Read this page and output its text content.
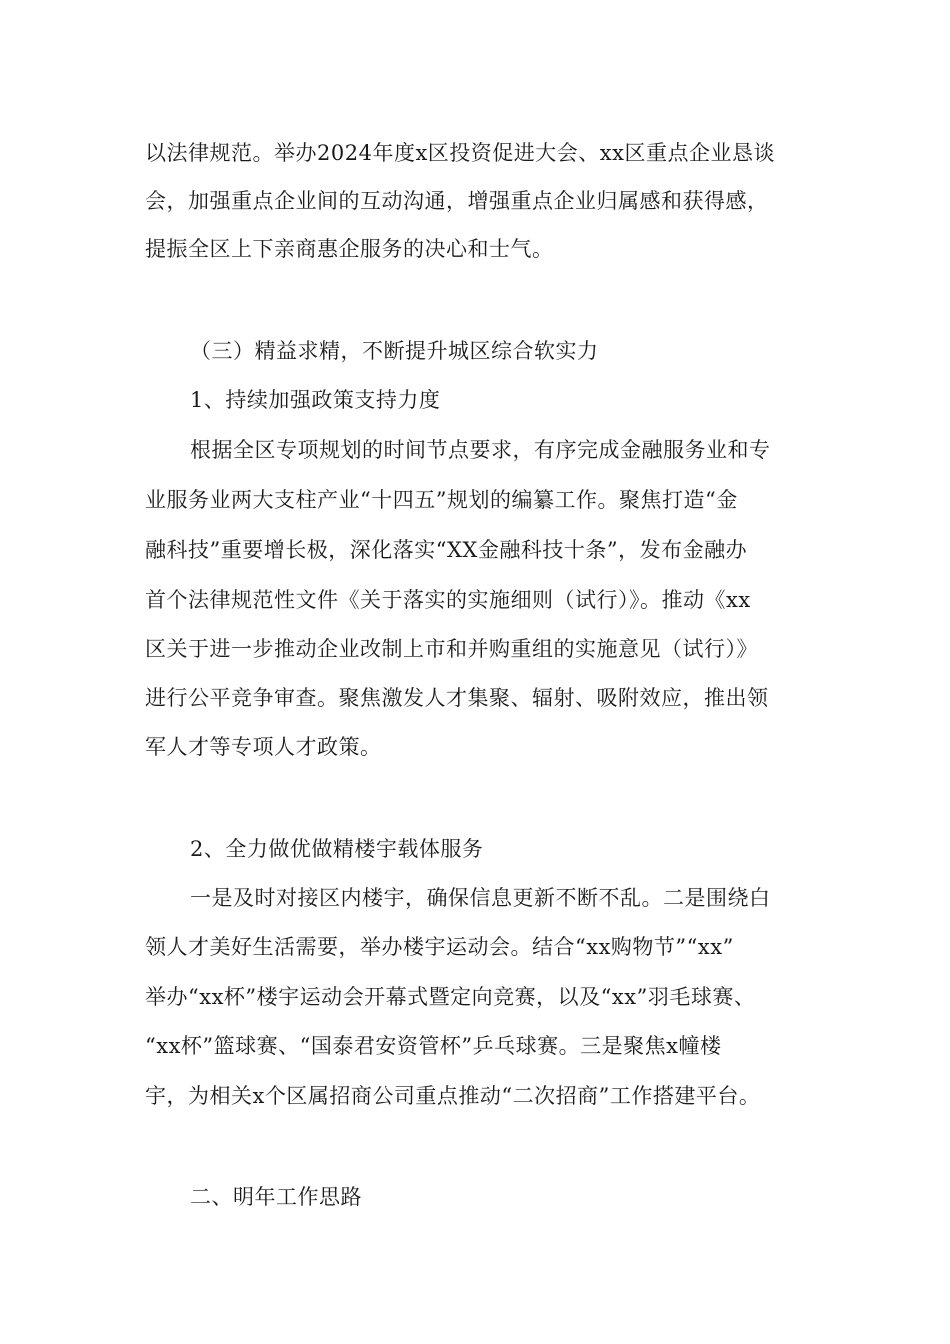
以法律规范。举办2024年度x区投资促进大会、xx区重点企业恳谈
会，加强重点企业间的互动沟通，增强重点企业归属感和获得感，
提振全区上下亲商惠企服务的决心和士气。
（三）精益求精，不断提升城区综合软实力
1、持续加强政策支持力度
根据全区专项规划的时间节点要求，有序完成金融服务业和专
业服务业两大支柱产业“十四五”规划的编纂工作。聚焦打造“金
融科技”重要增长极，深化落实“XX金融科技十条”，发布金融办
首个法律规范性文件《关于落实的实施细则（试行）》。推动《xx
区关于进一步推动企业改制上市和并购重组的实施意见（试行）》
进行公平竞争审查。聚焦激发人才集聚、辐射、吸附效应，推出领
军人才等专项人才政策。
2、全力做优做精楼宇载体服务
一是及时对接区内楼宇，确保信息更新不断不乱。二是围绕白
领人才美好生活需要，举办楼宇运动会。结合“xx购物节”“xx”
举办“xx杯”楼宇运动会开幕式暨定向竞赛，以及“xx”羽毛球赛、
“xx杯”篮球赛、“国泰君安资管杯”乒乓球赛。三是聚焦x幢楼
宇，为相关x个区属招商公司重点推动“二次招商”工作搭建平台。
二、明年工作思路
